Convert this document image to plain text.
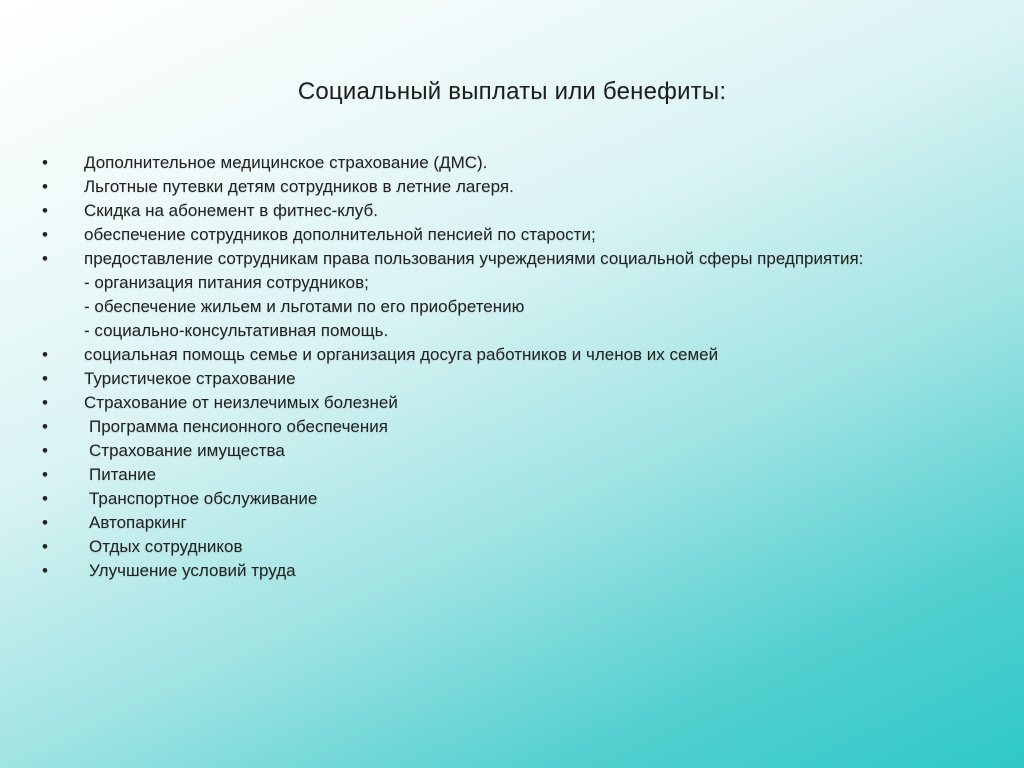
Социальный выплаты или бенефиты:
•	Дополнительное медицинское страхование (ДМС).
•	Льготные путевки детям сотрудников в летние лагеря.
•	Скидка на абонемент в фитнес-клуб.
•	обеспечение сотрудников дополнительной пенсией по старости;
•	предоставление сотрудникам права пользования учреждениями социальной сферы предприятия:
- организация питания сотрудников;
- обеспечение жильем и льготами по его приобретению
- социально-консультативная помощь.
•	социальная помощь семье и организация досуга работников и членов их семей
•	Туристичекое страхование
•	Страхование от неизлечимых болезней
•	Программа пенсионного обеспечения
•	Страхование имущества
•	Питание
•	Транспортное обслуживание
•	Автопаркинг
•	Отдых сотрудников
•	Улучшение условий труда
